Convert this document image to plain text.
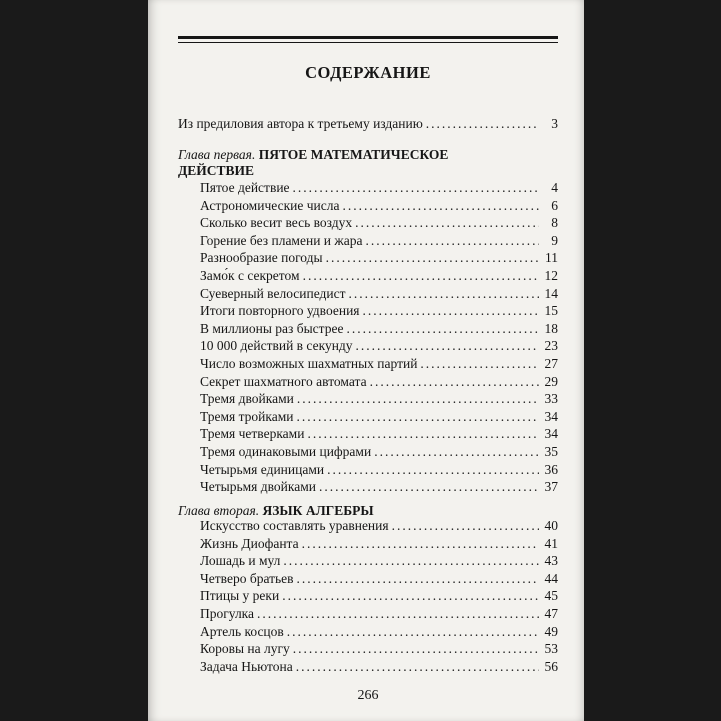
СОДЕРЖАНИЕ
Из предиловия автора к третьему изданию .....	3
Глава первая. ПЯТОЕ МАТЕМАТИЧЕСКОЕ
ДЕЙСТВИЕ
Пятое действие .....	4
Астрономические числа .....	6
Сколько весит весь воздух .....	8
Горение без пламени и жара .....	9
Разнообразие погоды .....	11
Замо́к с секретом .....	12
Суеверный велосипедист .....	14
Итоги повторного удвоения .....	15
В миллионы раз быстрее .....	18
10 000 действий в секунду .....	23
Число возможных шахматных партий .....	27
Секрет шахматного автомата .....	29
Тремя двойками .....	33
Тремя тройками .....	34
Тремя четверками .....	34
Тремя одинаковыми цифрами .....	35
Четырьмя единицами .....	36
Четырьмя двойками .....	37
Глава вторая. ЯЗЫК АЛГЕБРЫ
Искусство составлять уравнения .....	40
Жизнь Диофанта .....	41
Лошадь и мул .....	43
Четверо братьев .....	44
Птицы у реки .....	45
Прогулка .....	47
Артель косцов .....	49
Коровы на лугу .....	53
Задача Ньютона .....	56
266
